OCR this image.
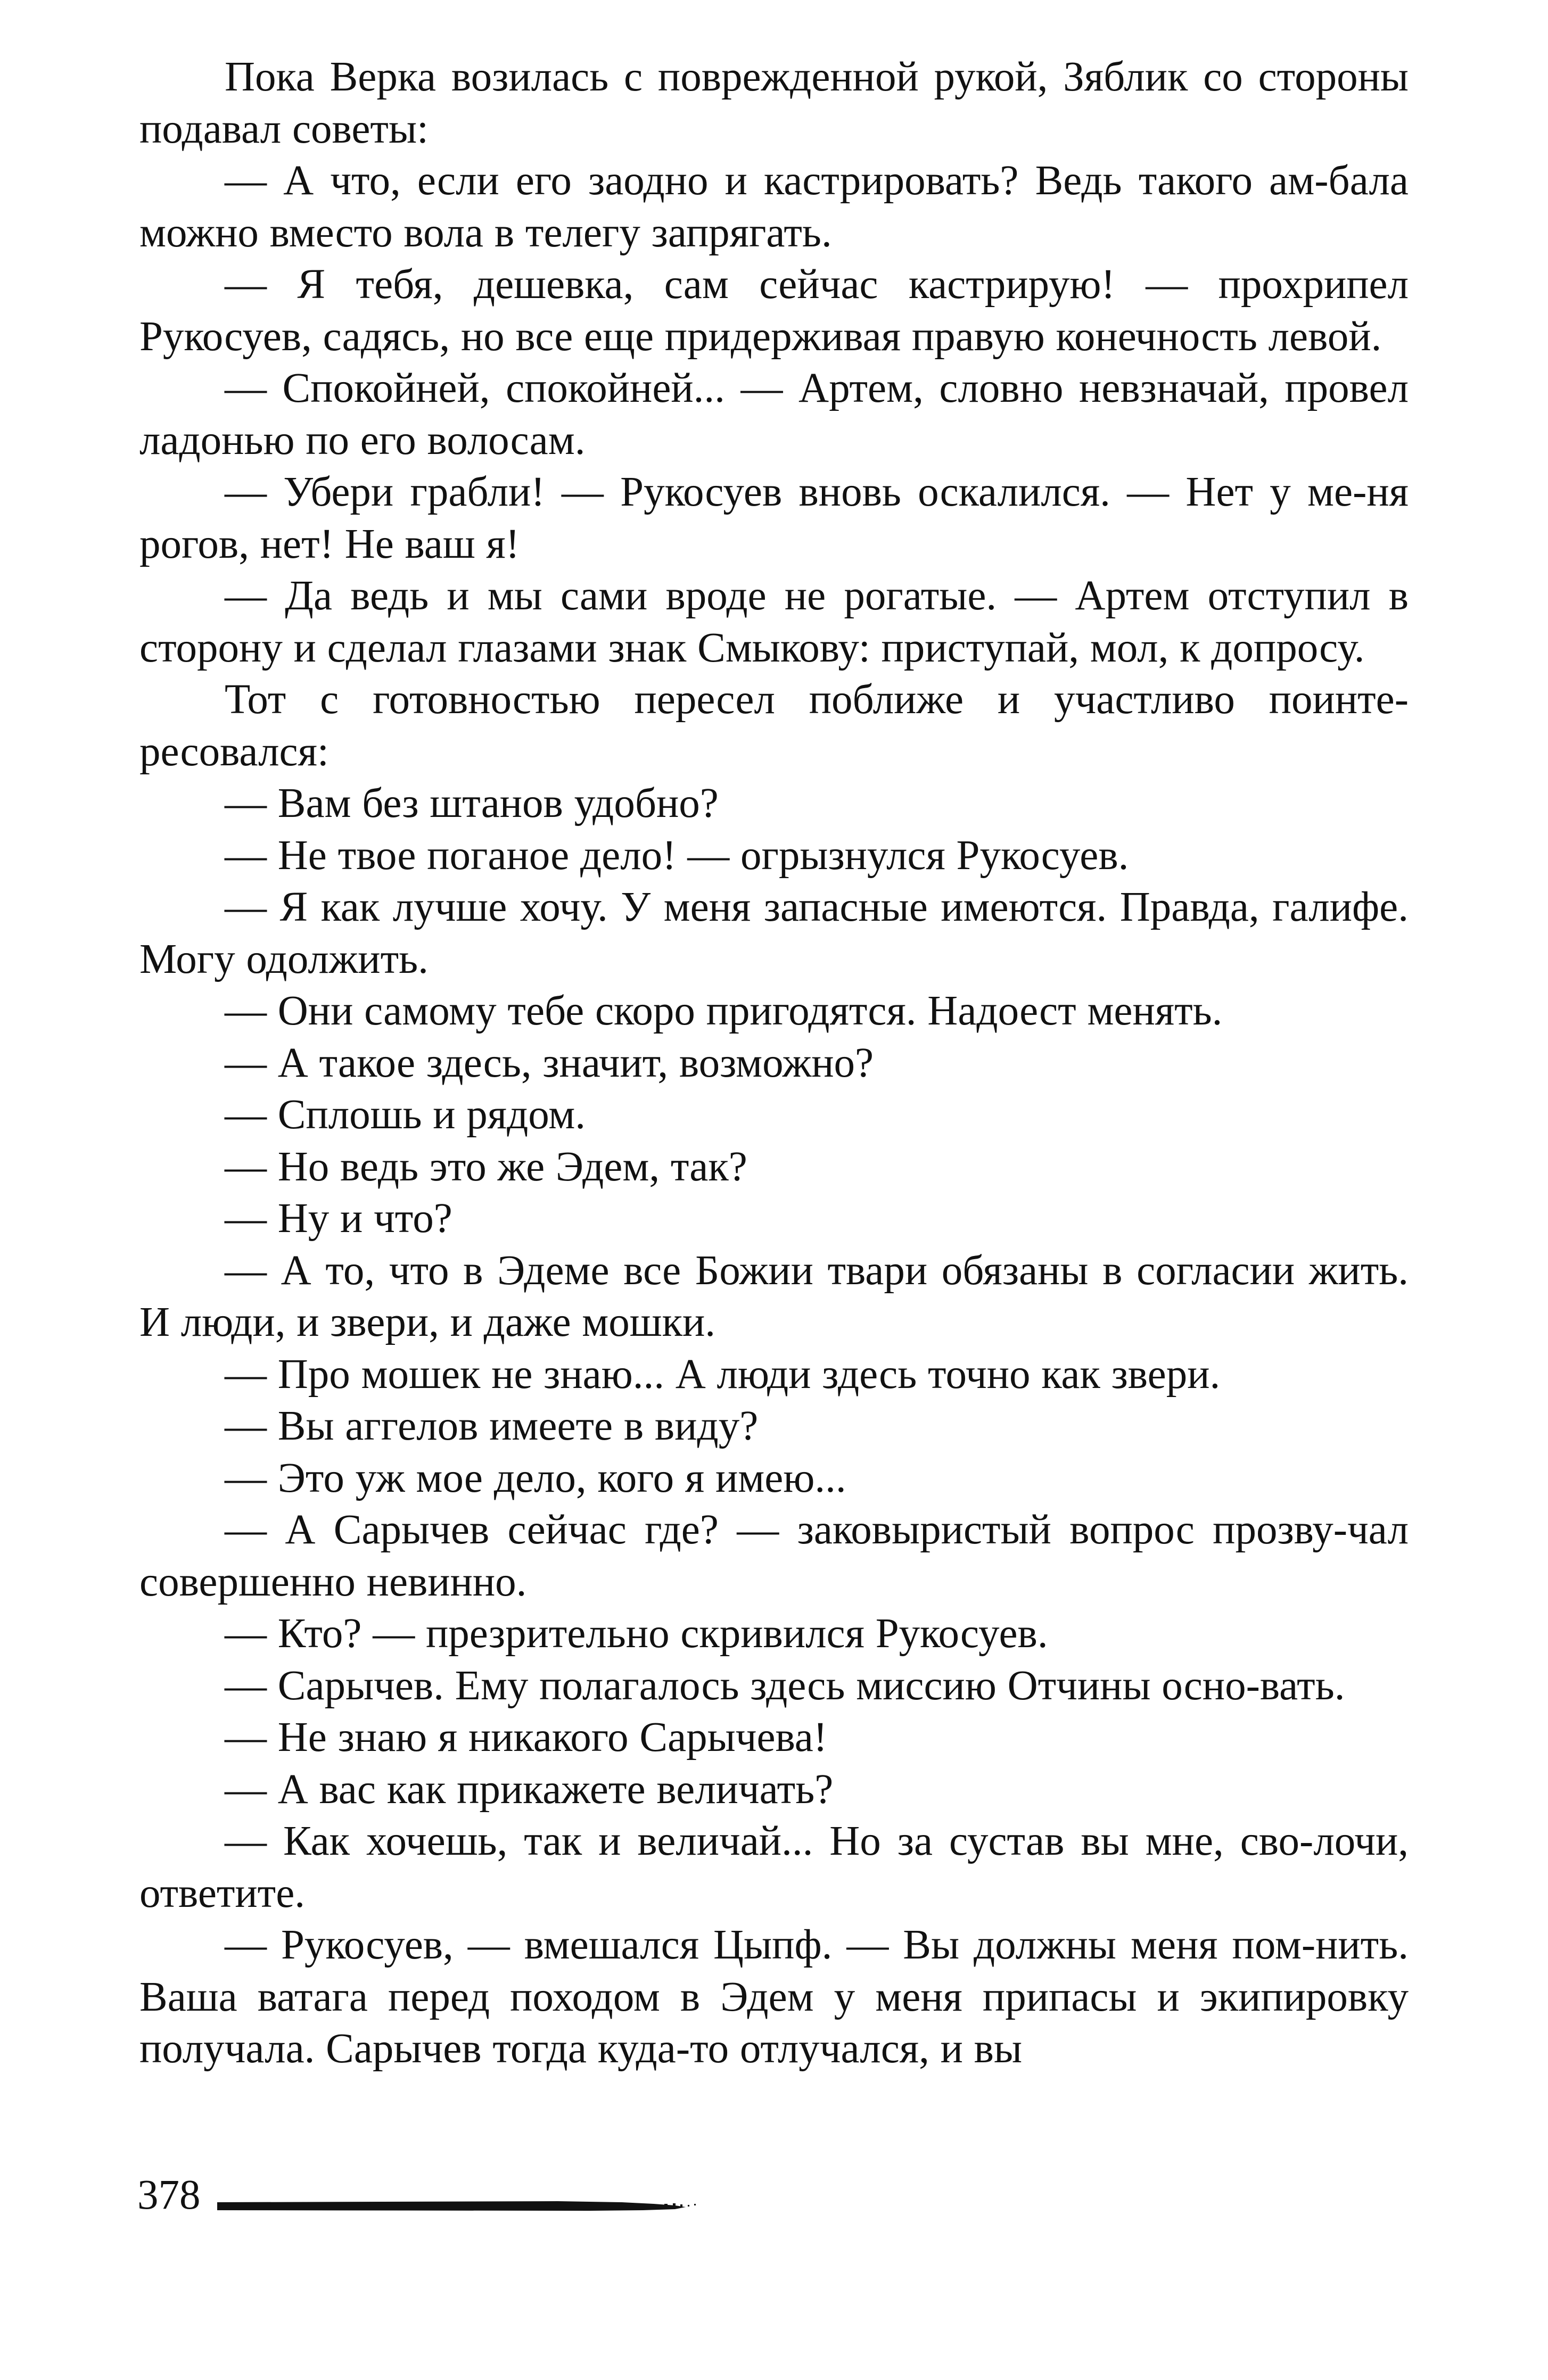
Пока Верка возилась с поврежденной рукой, Зяблик со стороны подавал советы:

— А что, если его заодно и кастрировать? Ведь такого ам-бала можно вместо вола в телегу запрягать.

— Я тебя, дешевка, сам сейчас кастрирую! — прохрипел Рукосуев, садясь, но все еще придерживая правую конечность левой.

— Спокойней, спокойней... — Артем, словно невзначай, провел ладонью по его волосам.

— Убери грабли! — Рукосуев вновь оскалился. — Нет у ме-ня рогов, нет! Не ваш я!

— Да ведь и мы сами вроде не рогатые. — Артем отступил в сторону и сделал глазами знак Смыкову: приступай, мол, к допросу.

Тот с готовностью пересел поближе и участливо поинте-ресовался:

— Вам без штанов удобно?

— Не твое поганое дело! — огрызнулся Рукосуев.

— Я как лучше хочу. У меня запасные имеются. Правда, галифе. Могу одолжить.

— Они самому тебе скоро пригодятся. Надоест менять.

— А такое здесь, значит, возможно?

— Сплошь и рядом.

— Но ведь это же Эдем, так?

— Ну и что?

— А то, что в Эдеме все Божии твари обязаны в согласии жить. И люди, и звери, и даже мошки.

— Про мошек не знаю... А люди здесь точно как звери.

— Вы аггелов имеете в виду?

— Это уж мое дело, кого я имею...

— А Сарычев сейчас где? — заковыристый вопрос прозву-чал совершенно невинно.

— Кто? — презрительно скривился Рукосуев.

— Сарычев. Ему полагалось здесь миссию Отчины осно-вать.

— Не знаю я никакого Сарычева!

— А вас как прикажете величать?

— Как хочешь, так и величай... Но за сустав вы мне, сво-лочи, ответите.

— Рукосуев, — вмешался Цыпф. — Вы должны меня пом-нить. Ваша ватага перед походом в Эдем у меня припасы и экипировку получала. Сарычев тогда куда-то отлучался, и вы

378
